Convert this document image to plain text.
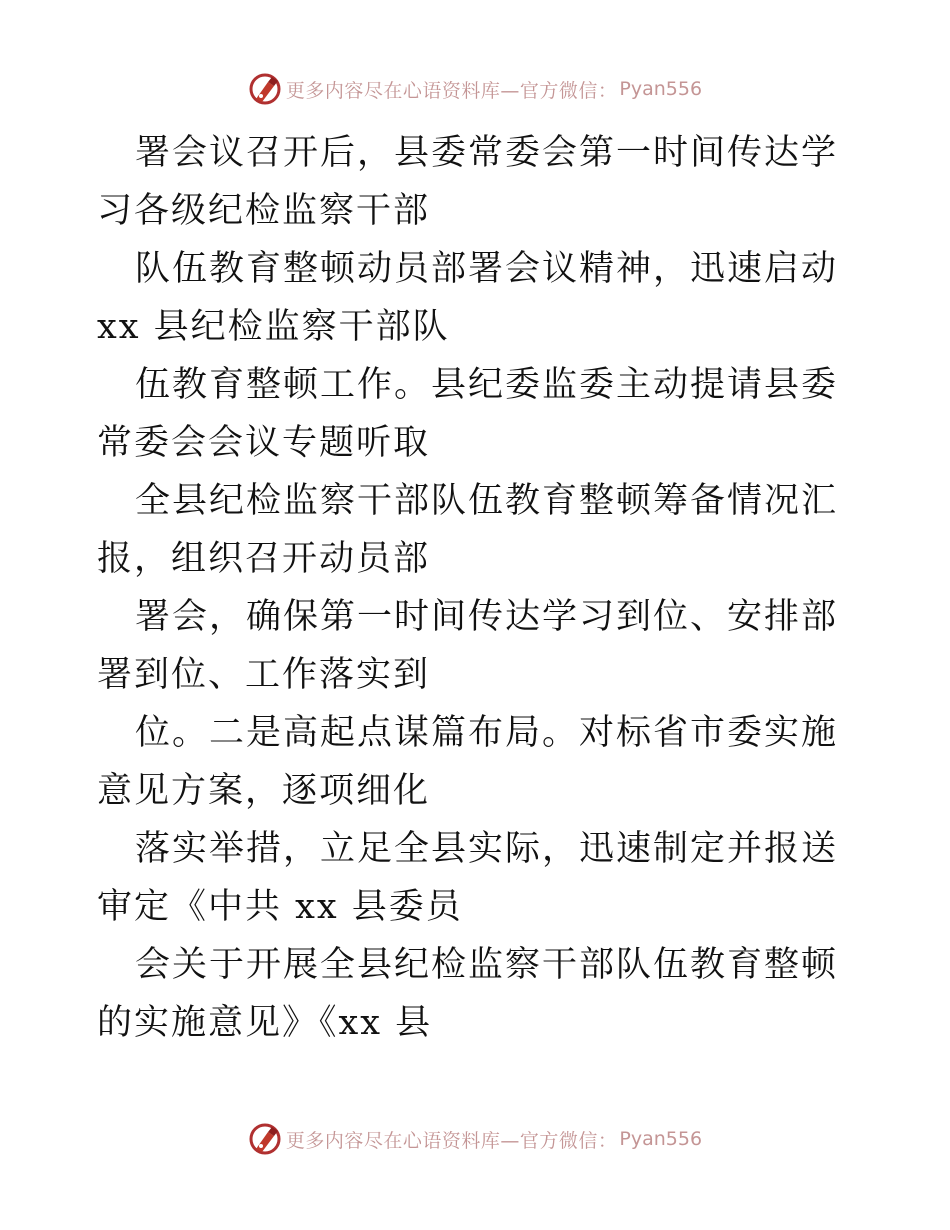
更多内容尽在心语资料库—官方微信： Pyan556

署会议召开后，县委常委会第一时间传达学习各级纪检监察干部

队伍教育整顿动员部署会议精神，迅速启动 xx 县纪检监察干部队

伍教育整顿工作。县纪委监委主动提请县委常委会会议专题听取

全县纪检监察干部队伍教育整顿筹备情况汇报，组织召开动员部

署会，确保第一时间传达学习到位、安排部署到位、工作落实到

位。二是高起点谋篇布局。对标省市委实施意见方案，逐项细化

落实举措，立足全县实际，迅速制定并报送审定《中共 xx 县委员

会关于开展全县纪检监察干部队伍教育整顿的实施意见》《xx 县

更多内容尽在心语资料库—官方微信： Pyan556
